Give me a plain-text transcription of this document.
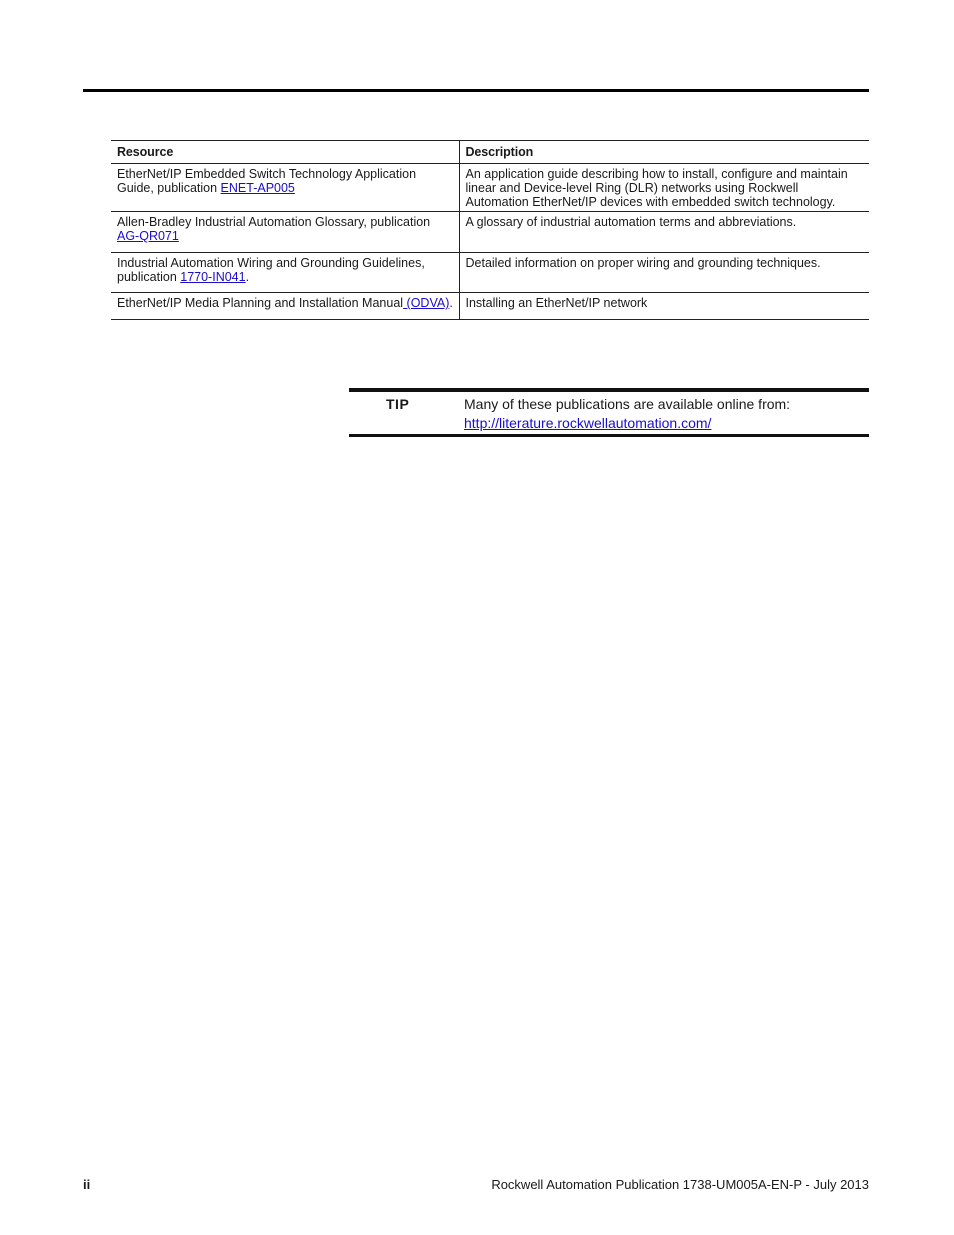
Resource	Description
EtherNet/IP Embedded Switch Technology Application Guide, publication ENET-AP005	An application guide describing how to install, configure and maintain linear and Device-level Ring (DLR) networks using Rockwell Automation EtherNet/IP devices with embedded switch technology.
Allen-Bradley Industrial Automation Glossary, publication AG-QR071	A glossary of industrial automation terms and abbreviations.
Industrial Automation Wiring and Grounding Guidelines, publication 1770-IN041.	Detailed information on proper wiring and grounding techniques.
EtherNet/IP Media Planning and Installation Manual (ODVA).	Installing an EtherNet/IP network
TIP	Many of these publications are available online from:
http://literature.rockwellautomation.com/
ii	Rockwell Automation Publication 1738-UM005A-EN-P - July 2013
